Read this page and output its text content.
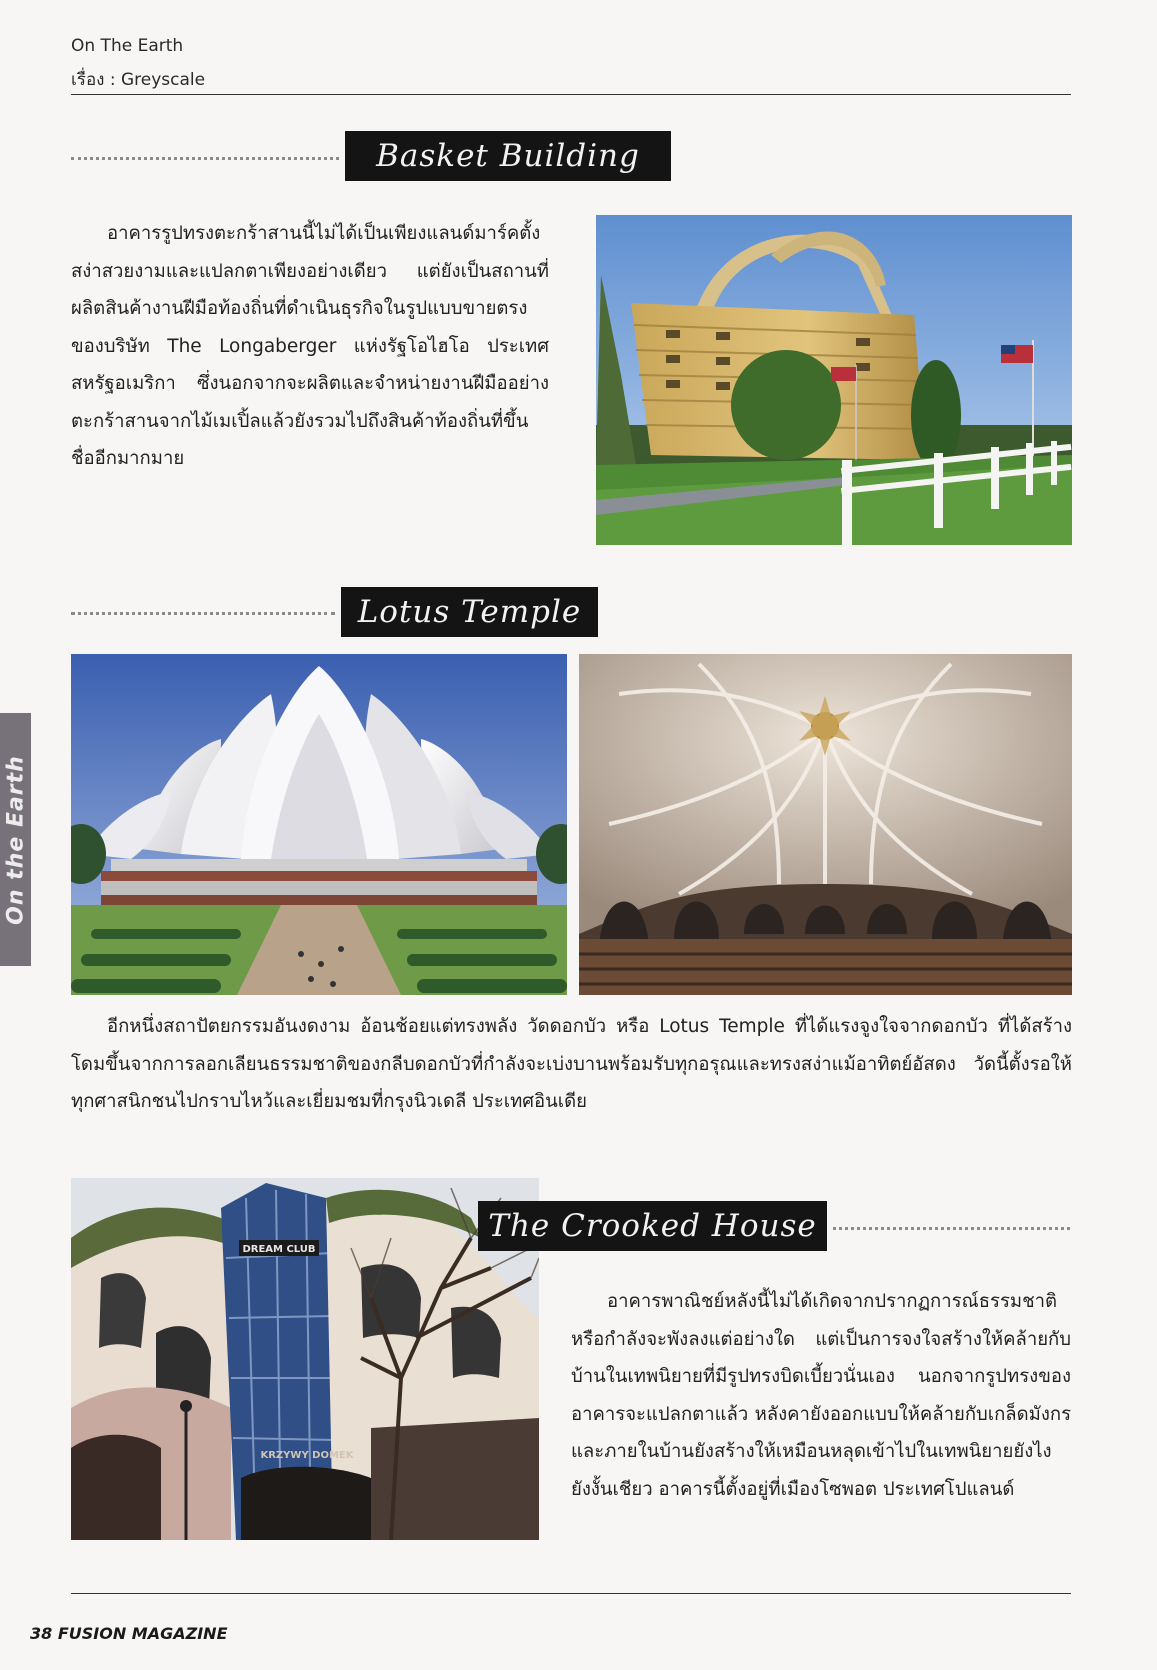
On The Earth
เรื่อง : Greyscale
On the Earth
Basket Building
อาคารรูปทรงตะกร้าสานนี้ไม่ได้เป็นเพียงแลนด์มาร์คตั้งสง่าสวยงามและแปลกตาเพียงอย่างเดียว แต่ยังเป็นสถานที่ผลิตสินค้างานฝีมือท้องถิ่นที่ดำเนินธุรกิจในรูปแบบขายตรงของบริษัท The Longaberger แห่งรัฐโอไฮโอ ประเทศสหรัฐอเมริกา ซึ่งนอกจากจะผลิตและจำหน่ายงานฝีมืออย่างตะกร้าสานจากไม้เมเปิ้ลแล้วยังรวมไปถึงสินค้าท้องถิ่นที่ขึ้นชื่ออีกมากมาย
Lotus Temple
อีกหนึ่งสถาปัตยกรรมอันงดงาม อ้อนช้อยแต่ทรงพลัง วัดดอกบัว หรือ Lotus Temple ที่ได้แรงจูงใจจากดอกบัว ที่ได้สร้างโดมขึ้นจากการลอกเลียนธรรมชาติของกลีบดอกบัวที่กำลังจะเบ่งบานพร้อมรับทุกอรุณและทรงสง่าแม้อาทิตย์อัสดง วัดนี้ตั้งรอให้ทุกศาสนิกชนไปกราบไหว้และเยี่ยมชมที่กรุงนิวเดลี ประเทศอินเดีย
DREAM CLUB
KRZYWY DOMEK
The Crooked House
อาคารพาณิชย์หลังนี้ไม่ได้เกิดจากปรากฏการณ์ธรรมชาติ หรือกำลังจะพังลงแต่อย่างใด แต่เป็นการจงใจสร้างให้คล้ายกับบ้านในเทพนิยายที่มีรูปทรงบิดเบี้ยวนั่นเอง นอกจากรูปทรงของอาคารจะแปลกตาแล้ว หลังคายังออกแบบให้คล้ายกับเกล็ดมังกร และภายในบ้านยังสร้างให้เหมือนหลุดเข้าไปในเทพนิยายยังไงยังงั้นเชียว อาคารนี้ตั้งอยู่ที่เมืองโซพอต ประเทศโปแลนด์
38 FUSION MAGAZINE
